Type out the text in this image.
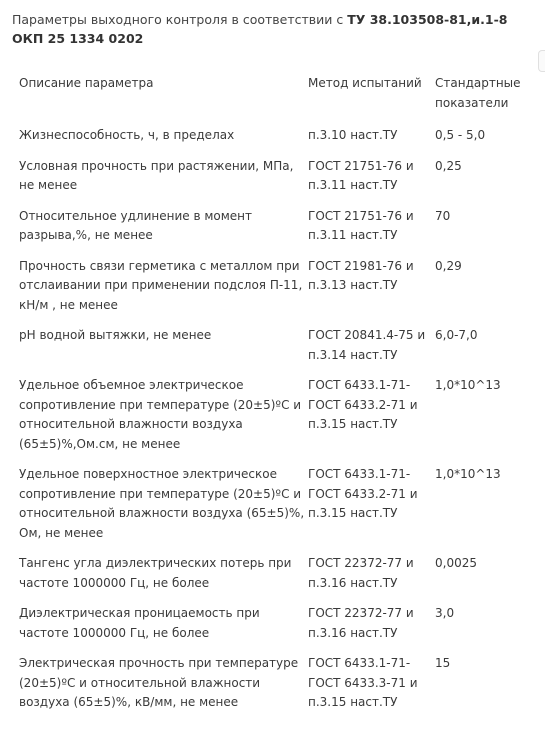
Параметры выходного контроля в соответствии с ТУ 38.103508-81,и.1-8 ОКП 25 1334 0202
Описание параметра	Метод испытаний	Стандартные показатели
Жизнеспособность, ч, в пределах	п.3.10 наст.ТУ	0,5 - 5,0
Условная прочность при растяжении, МПа, не менее	ГОСТ 21751-76 и п.3.11 наст.ТУ	0,25
Относительное удлинение в момент разрыва,%, не менее	ГОСТ 21751-76 и п.3.11 наст.ТУ	70
Прочность связи герметика с металлом при отслаивании при применении подслоя П-11, кН/м , не менее	ГОСТ 21981-76 и п.3.13 наст.ТУ	0,29
pH водной вытяжки, не менее	ГОСТ 20841.4-75 и п.3.14 наст.ТУ	6,0-7,0
Удельное объемное электрическое сопротивление при температуре (20±5)ºС и относительной влажности воздуха (65±5)%,Ом.см, не менее	ГОСТ 6433.1-71-ГОСТ 6433.2-71 и п.3.15 наст.ТУ	1,0*10^13
Удельное поверхностное электрическое сопротивление при температуре (20±5)ºС и относительной влажности воздуха (65±5)%, Ом, не менее	ГОСТ 6433.1-71-ГОСТ 6433.2-71 и п.3.15 наст.ТУ	1,0*10^13
Тангенс угла диэлектрических потерь при частоте 1000000 Гц, не более	ГОСТ 22372-77 и п.3.16 наст.ТУ	0,0025
Диэлектрическая проницаемость при частоте 1000000 Гц, не более	ГОСТ 22372-77 и п.3.16 наст.ТУ	3,0
Электрическая прочность при температуре (20±5)ºС и относительной влажности воздуха (65±5)%, кВ/мм, не менее	ГОСТ 6433.1-71-ГОСТ 6433.3-71 и п.3.15 наст.ТУ	15
